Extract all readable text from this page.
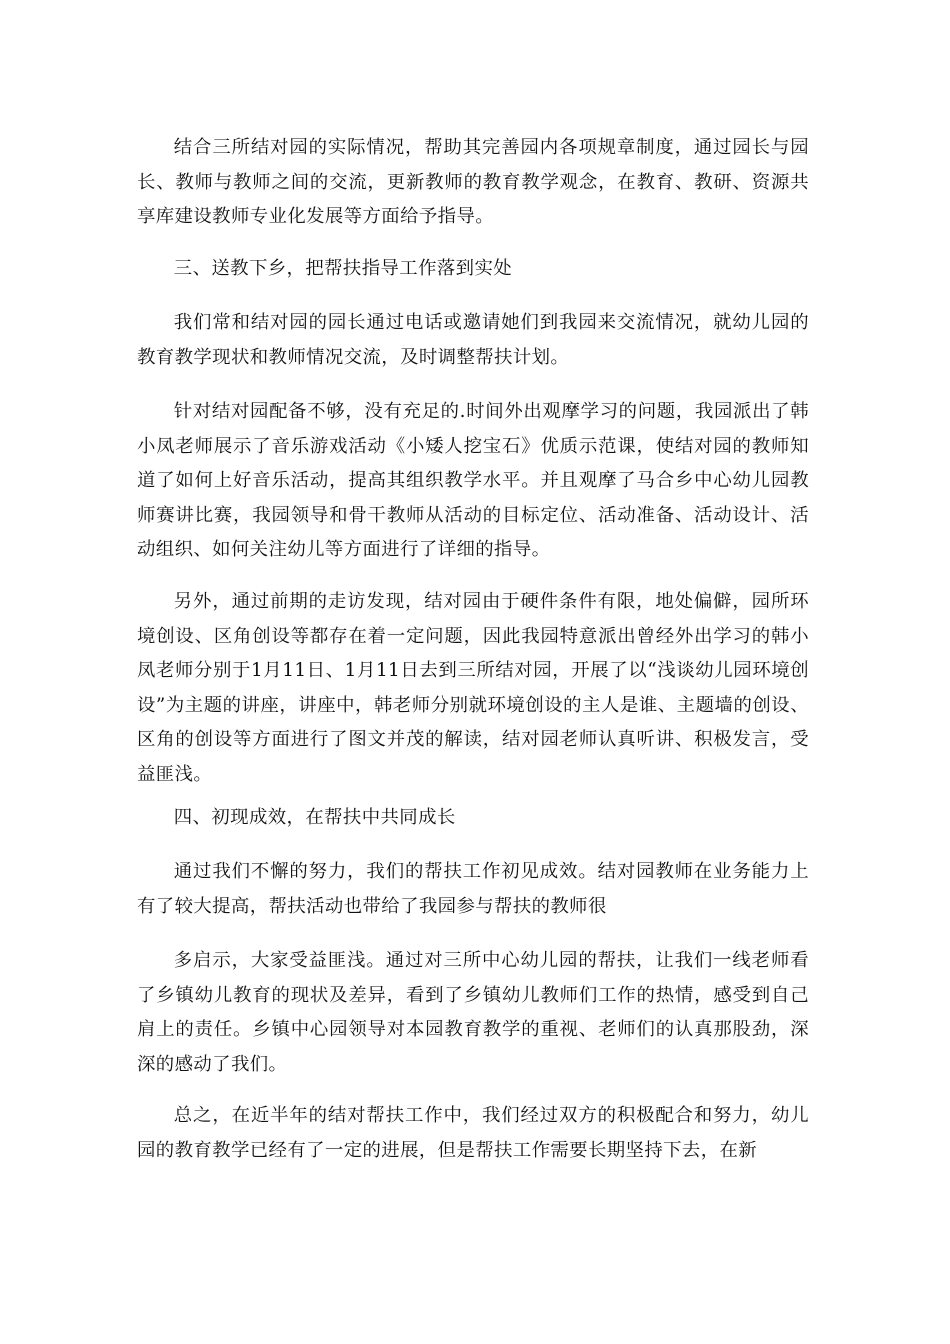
结合三所结对园的实际情况，帮助其完善园内各项规章制度，通过园长与园长、教师与教师之间的交流，更新教师的教育教学观念，在教育、教研、资源共享库建设教师专业化发展等方面给予指导。

三、送教下乡，把帮扶指导工作落到实处

我们常和结对园的园长通过电话或邀请她们到我园来交流情况，就幼儿园的教育教学现状和教师情况交流，及时调整帮扶计划。

针对结对园配备不够，没有充足的.时间外出观摩学习的问题，我园派出了韩小凤老师展示了音乐游戏活动《小矮人挖宝石》优质示范课，使结对园的教师知道了如何上好音乐活动，提高其组织教学水平。并且观摩了马合乡中心幼儿园教师赛讲比赛，我园领导和骨干教师从活动的目标定位、活动准备、活动设计、活动组织、如何关注幼儿等方面进行了详细的指导。

另外，通过前期的走访发现，结对园由于硬件条件有限，地处偏僻，园所环境创设、区角创设等都存在着一定问题，因此我园特意派出曾经外出学习的韩小凤老师分别于1月11日、1月11日去到三所结对园，开展了以“浅谈幼儿园环境创设”为主题的讲座，讲座中，韩老师分别就环境创设的主人是谁、主题墙的创设、区角的创设等方面进行了图文并茂的解读，结对园老师认真听讲、积极发言，受益匪浅。

四、初现成效，在帮扶中共同成长

通过我们不懈的努力，我们的帮扶工作初见成效。结对园教师在业务能力上有了较大提高，帮扶活动也带给了我园参与帮扶的教师很

多启示，大家受益匪浅。通过对三所中心幼儿园的帮扶，让我们一线老师看了乡镇幼儿教育的现状及差异，看到了乡镇幼儿教师们工作的热情，感受到自己肩上的责任。乡镇中心园领导对本园教育教学的重视、老师们的认真那股劲，深深的感动了我们。

总之，在近半年的结对帮扶工作中，我们经过双方的积极配合和努力，幼儿园的教育教学已经有了一定的进展，但是帮扶工作需要长期坚持下去，在新
